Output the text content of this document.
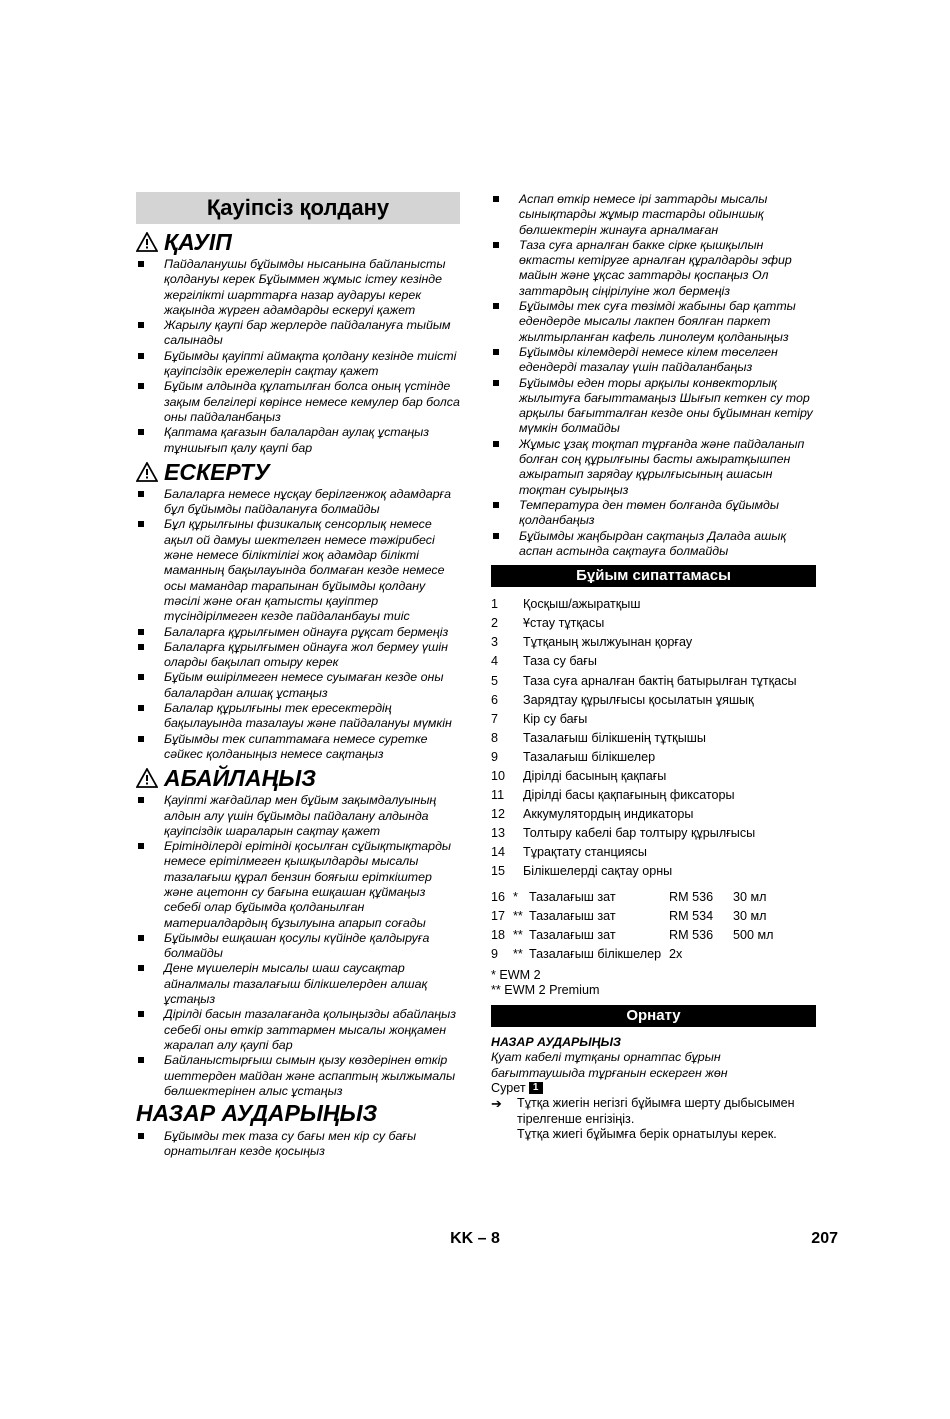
Қауіпсіз қолдану
ҚАУІП
Пайдаланушы бұйымды нысанына байланысты қолдануы керек Бұйыммен жұмыс істеу кезінде жергілікті шарттарға назар аударуы керек жақында жүрген адамдарды ескеруі қажет
Жарылу қаупі бар жерлерде пайдалануға тыйым салынады
Бұйымды қауіпті аймақта қолдану кезінде тиісті қауіпсіздік ережелерін сақтау қажет
Бұйым алдында құлатылған болса оның үстінде зақым белгілері көрінсе немесе кемулер бар болса оны пайдаланбаңыз
Қаптама қағазын балалардан аулақ ұстаңыз тұншығып қалу қаупі бар
ЕСКЕРТУ
Балаларға немесе нұсқау берілгенжоқ адамдарға бұл бұйымды пайдалануға болмайды
Бұл құрылғыны физикалық сенсорлық немесе ақыл ой дамуы шектелген немесе тәжірибесі және немесе біліктілігі жоқ адамдар білікті маманның бақылауында болмаған кезде немесе осы мамандар тарапынан бұйымды қолдану тәсілі және оған қатысты қауіптер түсіндірілмеген кезде пайдаланбауы тиіс
Балаларға құрылғымен ойнауға рұқсат бермеңіз
Балаларға құрылғымен ойнауға жол бермеу үшін оларды бақылап отыру керек
Бұйым өшірілмеген немесе суымаған кезде оны балалардан алшақ ұстаңыз
Балалар құрылғыны тек ересектердің бақылауында тазалауы және пайдалануы мүмкін
Бұйымды тек сипаттамаға немесе суретке сәйкес қолданыңыз немесе сақтаңыз
АБАЙЛАҢЫЗ
Қауіпті жағдайлар мен бұйым зақымдалуының алдын алу үшін бұйымды пайдалану алдында қауіпсіздік шараларын сақтау қажет
Ерітінділерді ерітінді қосылған сұйықтықтарды немесе ерітілмеген қышқылдарды мысалы тазалағыш құрал бензин бояғыш еріткіштер және ацетонн су бағына ешқашан құймаңыз себебі олар бұйымда қолданылған материалдардың бұзылуына апарып соғады
Бұйымды ешқашан қосулы күйінде қалдыруға болмайды
Дене мүшелерін мысалы шаш саусақтар айналмалы тазалағыш білікшелерден алшақ ұстаңыз
Дірілді басын тазалағанда қолыңызды абайлаңыз себебі оны өткір заттармен мысалы жоңқамен жаралап алу қаупі бар
Байланыстырғыш сымын қызу көздерінен өткір шеттерден майдан және аспаптың жылжымалы бөлшектерінен алыс ұстаңыз
НАЗАР АУДАРЫҢЫЗ
Бұйымды тек таза су бағы мен кір су бағы орнатылған кезде қосыңыз
Аспап өткір немесе ірі заттарды мысалы сынықтарды жұмыр тастарды ойыншық бөлшектерін жинауға арналмаған
Таза суға арналған бакке сірке қышқылын өктасты кетіруге арналған құралдарды эфир майын және ұқсас заттарды қоспаңыз Ол заттардың сіңірілуіне жол бермеңіз
Бұйымды тек суға төзімді жабыны бар қатты едендерде мысалы лакпен боялған паркет жылтырланған кафель линолеум қолданыңыз
Бұйымды кілемдерді немесе кілем төселген едендерді тазалау үшін пайдаланбаңыз
Бұйымды еден торы арқылы конвекторлық жылытуға бағыттамаңыз Шығып кеткен су тор арқылы бағытталған кезде оны бұйымнан кетіру мүмкін болмайды
Жұмыс ұзақ тоқтап тұрғанда және пайдаланып болған соң құрылғыны басты ажыратқышпен ажыратып зарядау құрылғысының ашасын тоқтан суырыңыз
Температура ден төмен болғанда бұйымды қолданбаңыз
Бұйымды жаңбырдан сақтаңыз Далада ашық аспан астында сақтауға болмайды
Бұйым сипаттамасы
1	Қосқыш/ажыратқыш
2	Ұстау тұтқасы
3	Тұтқаның жылжуынан қорғау
4	Таза су бағы
5	Таза суға арналған бактің батырылған тұтқасы
6	Зарядтау құрылғысы қосылатын ұяшық
7	Кір су бағы
8	Тазалағыш білікшенің тұтқышы
9	Тазалағыш білікшелер
10	Дірілді басының қақпағы
11	Дірілді басы қақпағының фиксаторы
12	Аккумулятордың индикаторы
13	Толтыру кабелі бар толтыру құрылғысы
14	Тұрақтату станциясы
15	Білікшелерді сақтау орны
16	*	Тазалағыш зат	RM 536	30 мл
17	**	Тазалағыш зат	RM 534	30 мл
18	**	Тазалағыш зат	RM 536	500 мл
9	**	Тазалағыш білікшелер	2x	
* EWM 2
** EWM 2 Premium
Орнату
НАЗАР АУДАРЫҢЫЗ
Қуат кабелі тұтқаны орнатпас бұрын бағыттаушыда тұрғанын ескерген жөн
Сурет 1
➔	Тұтқа жиегін негізгі бұйымға шерту дыбысымен тірелгенше енгізіңіз.
Тұтқа жиегі бұйымға берік орнатылуы керек.
KK – 8	207
